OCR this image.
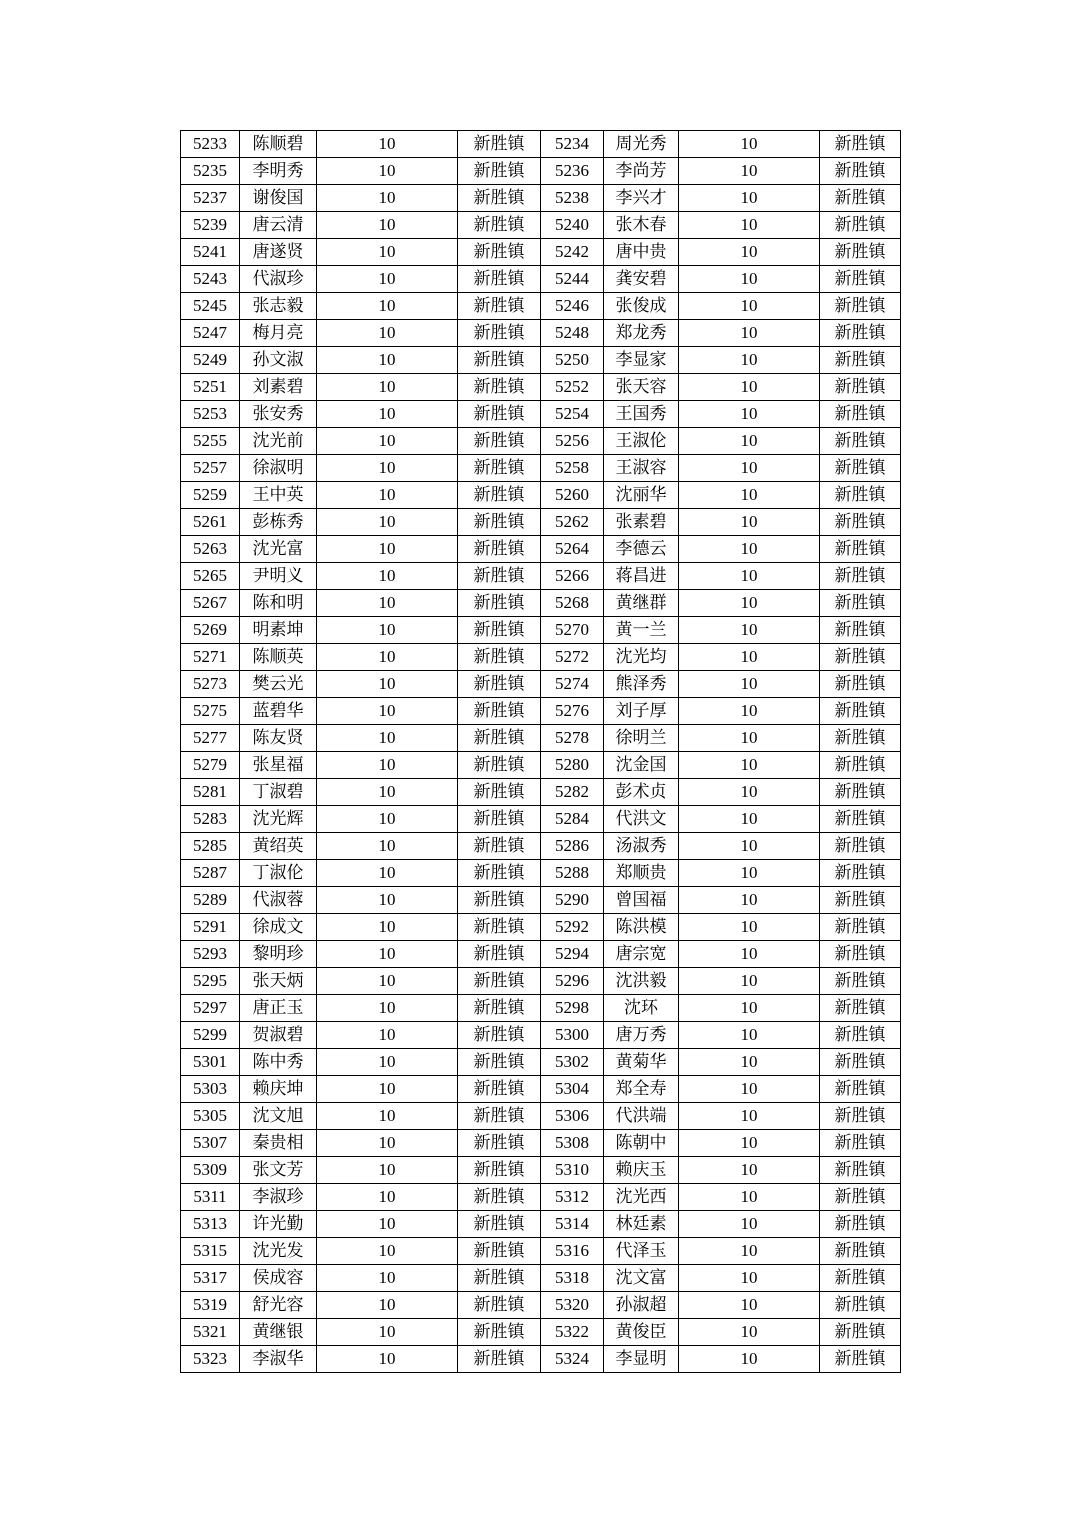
5233	陈顺碧	10	新胜镇	5234	周光秀	10	新胜镇
5235	李明秀	10	新胜镇	5236	李尚芳	10	新胜镇
5237	谢俊国	10	新胜镇	5238	李兴才	10	新胜镇
5239	唐云清	10	新胜镇	5240	张木春	10	新胜镇
5241	唐遂贤	10	新胜镇	5242	唐中贵	10	新胜镇
5243	代淑珍	10	新胜镇	5244	龚安碧	10	新胜镇
5245	张志毅	10	新胜镇	5246	张俊成	10	新胜镇
5247	梅月亮	10	新胜镇	5248	郑龙秀	10	新胜镇
5249	孙文淑	10	新胜镇	5250	李显家	10	新胜镇
5251	刘素碧	10	新胜镇	5252	张天容	10	新胜镇
5253	张安秀	10	新胜镇	5254	王国秀	10	新胜镇
5255	沈光前	10	新胜镇	5256	王淑伦	10	新胜镇
5257	徐淑明	10	新胜镇	5258	王淑容	10	新胜镇
5259	王中英	10	新胜镇	5260	沈丽华	10	新胜镇
5261	彭栋秀	10	新胜镇	5262	张素碧	10	新胜镇
5263	沈光富	10	新胜镇	5264	李德云	10	新胜镇
5265	尹明义	10	新胜镇	5266	蒋昌进	10	新胜镇
5267	陈和明	10	新胜镇	5268	黄继群	10	新胜镇
5269	明素坤	10	新胜镇	5270	黄一兰	10	新胜镇
5271	陈顺英	10	新胜镇	5272	沈光均	10	新胜镇
5273	樊云光	10	新胜镇	5274	熊泽秀	10	新胜镇
5275	蓝碧华	10	新胜镇	5276	刘子厚	10	新胜镇
5277	陈友贤	10	新胜镇	5278	徐明兰	10	新胜镇
5279	张星福	10	新胜镇	5280	沈金国	10	新胜镇
5281	丁淑碧	10	新胜镇	5282	彭术贞	10	新胜镇
5283	沈光辉	10	新胜镇	5284	代洪文	10	新胜镇
5285	黄绍英	10	新胜镇	5286	汤淑秀	10	新胜镇
5287	丁淑伦	10	新胜镇	5288	郑顺贵	10	新胜镇
5289	代淑蓉	10	新胜镇	5290	曾国福	10	新胜镇
5291	徐成文	10	新胜镇	5292	陈洪模	10	新胜镇
5293	黎明珍	10	新胜镇	5294	唐宗宽	10	新胜镇
5295	张天炳	10	新胜镇	5296	沈洪毅	10	新胜镇
5297	唐正玉	10	新胜镇	5298	沈环	10	新胜镇
5299	贺淑碧	10	新胜镇	5300	唐万秀	10	新胜镇
5301	陈中秀	10	新胜镇	5302	黄菊华	10	新胜镇
5303	赖庆坤	10	新胜镇	5304	郑全寿	10	新胜镇
5305	沈文旭	10	新胜镇	5306	代洪端	10	新胜镇
5307	秦贵相	10	新胜镇	5308	陈朝中	10	新胜镇
5309	张文芳	10	新胜镇	5310	赖庆玉	10	新胜镇
5311	李淑珍	10	新胜镇	5312	沈光西	10	新胜镇
5313	许光勤	10	新胜镇	5314	林廷素	10	新胜镇
5315	沈光发	10	新胜镇	5316	代泽玉	10	新胜镇
5317	侯成容	10	新胜镇	5318	沈文富	10	新胜镇
5319	舒光容	10	新胜镇	5320	孙淑超	10	新胜镇
5321	黄继银	10	新胜镇	5322	黄俊臣	10	新胜镇
5323	李淑华	10	新胜镇	5324	李显明	10	新胜镇
